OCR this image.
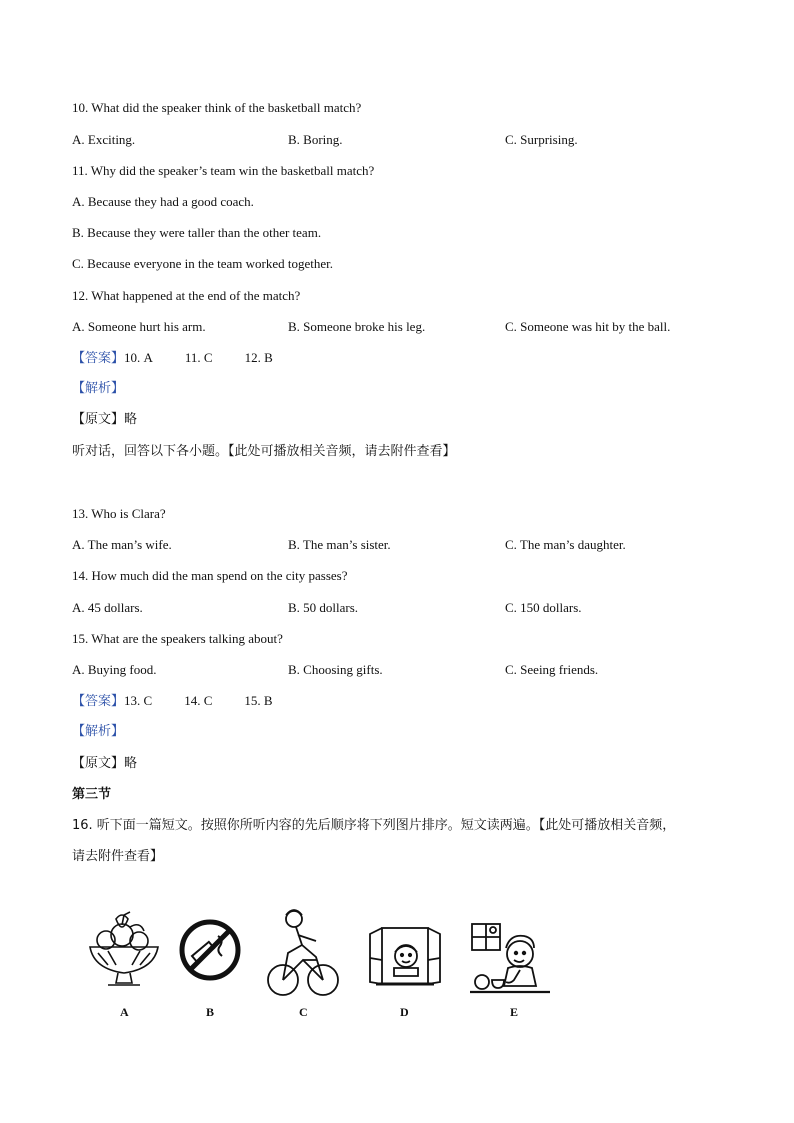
10. What did the speaker think of the basketball match?
A. Exciting.	B. Boring.	C. Surprising.
11. Why did the speaker’s team win the basketball match?
A. Because they had a good coach.
B. Because they were taller than the other team.
C. Because everyone in the team worked together.
12. What happened at the end of the match?
A. Someone hurt his arm.	B. Someone broke his leg.	C. Someone was hit by the ball.
【答案】10. A 11. C 12. B
【解析】
【原文】略
听对话，回答以下各小题。【此处可播放相关音频，请去附件查看】
13. Who is Clara?
A. The man’s wife.	B. The man’s sister.	C. The man’s daughter.
14. How much did the man spend on the city passes?
A. 45 dollars.	B. 50 dollars.	C. 150 dollars.
15. What are the speakers talking about?
A. Buying food.	B. Choosing gifts.	C. Seeing friends.
【答案】13. C 14. C 15. B
【解析】
【原文】略
第三节
16. 听下面一篇短文。按照你所听内容的先后顺序将下列图片排序。短文读两遍。【此处可播放相关音频，
请去附件查看】
A	B	C	D	E
